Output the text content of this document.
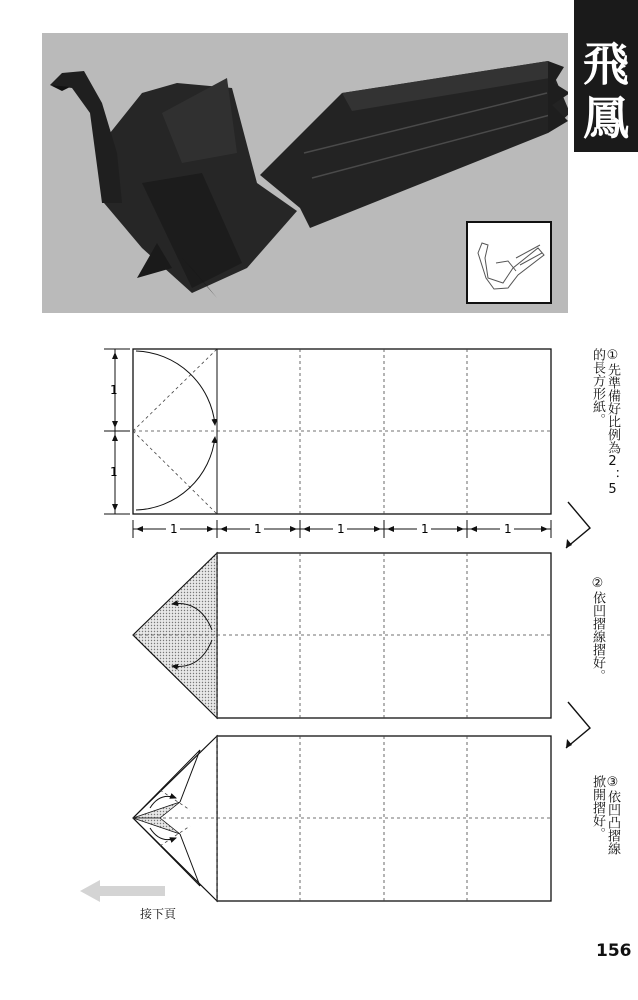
飛
鳳
①先準備好比例為2：5的長方形紙。
②依凹摺線摺好。
③依凹凸摺線掀開摺好。
1
1
1	1	1	1	1
接下頁
156
